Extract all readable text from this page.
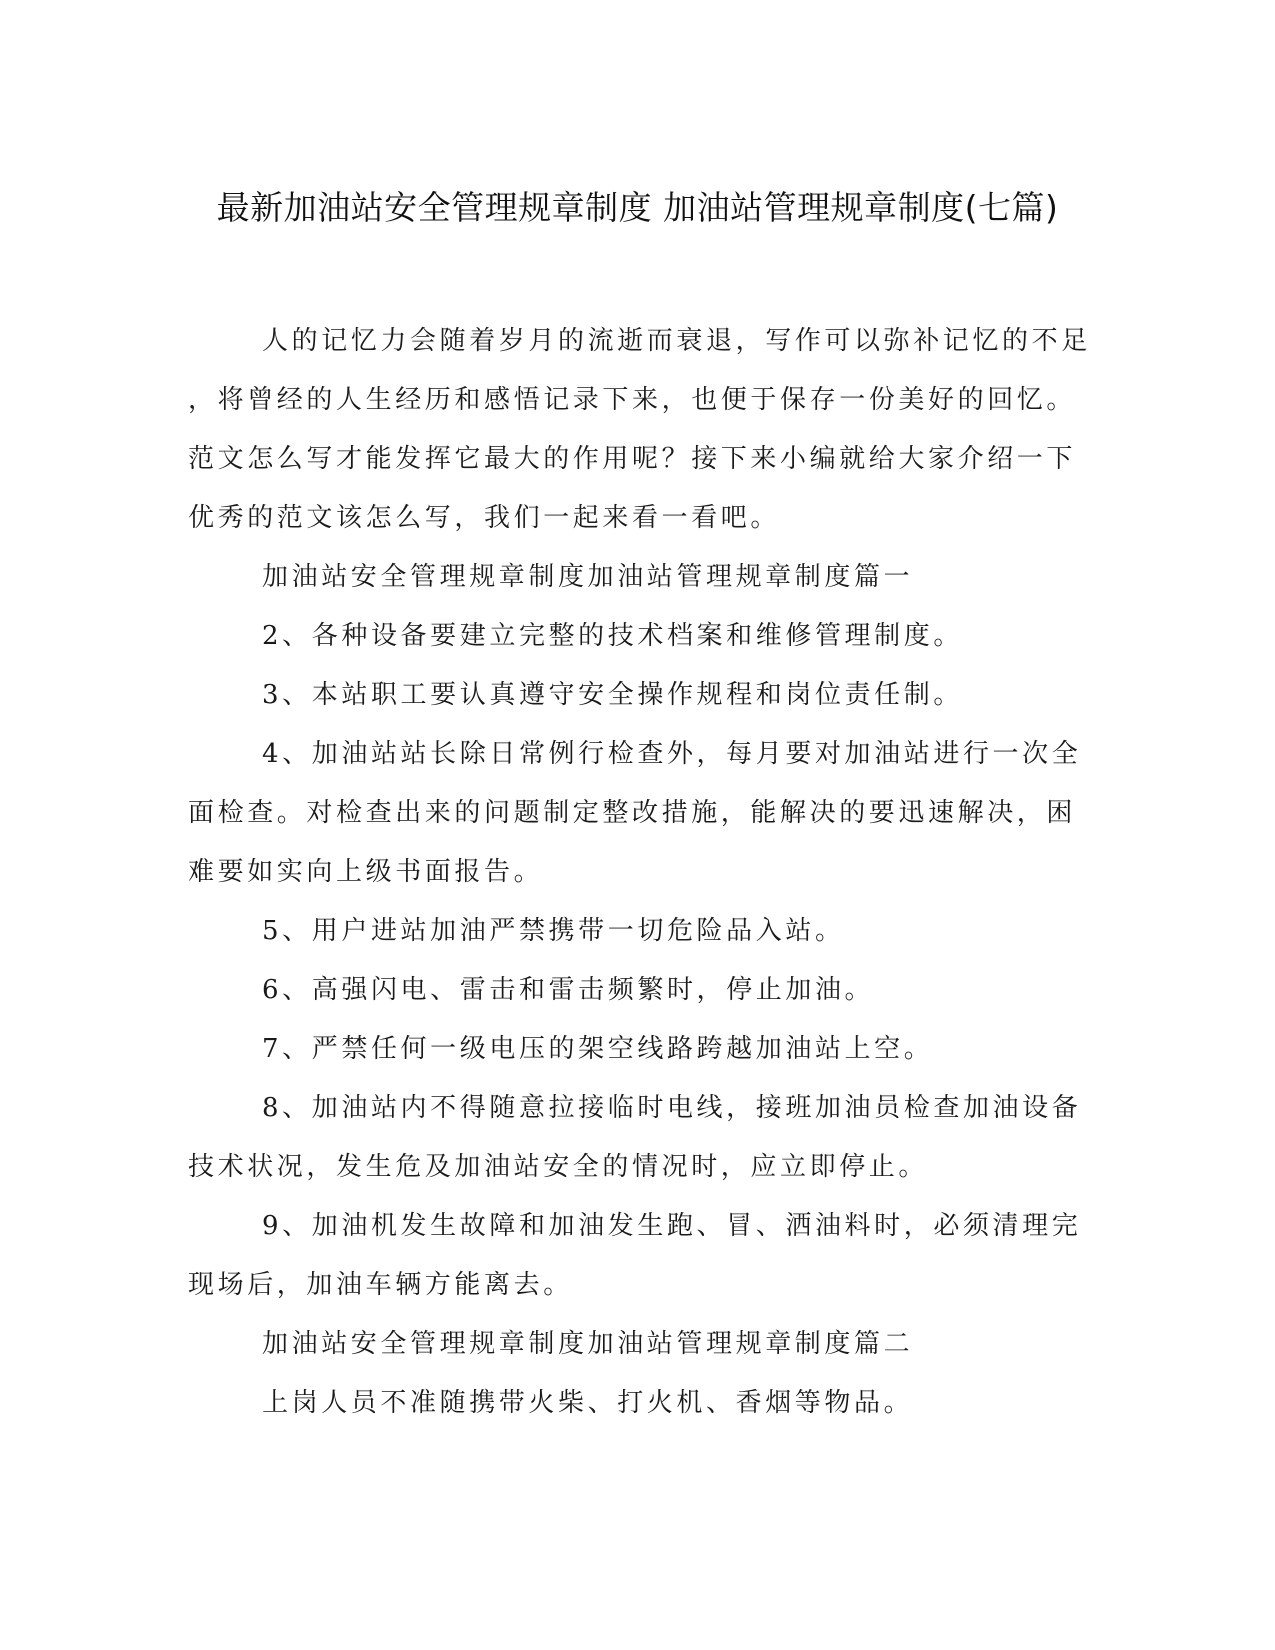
最新加油站安全管理规章制度 加油站管理规章制度(七篇)

人的记忆力会随着岁月的流逝而衰退，写作可以弥补记忆的不足

，将曾经的人生经历和感悟记录下来，也便于保存一份美好的回忆。

范文怎么写才能发挥它最大的作用呢？接下来小编就给大家介绍一下

优秀的范文该怎么写，我们一起来看一看吧。

加油站安全管理规章制度加油站管理规章制度篇一

2、各种设备要建立完整的技术档案和维修管理制度。

3、本站职工要认真遵守安全操作规程和岗位责任制。

4、加油站站长除日常例行检查外，每月要对加油站进行一次全

面检查。对检查出来的问题制定整改措施，能解决的要迅速解决，困

难要如实向上级书面报告。

5、用户进站加油严禁携带一切危险品入站。

6、高强闪电、雷击和雷击频繁时，停止加油。

7、严禁任何一级电压的架空线路跨越加油站上空。

8、加油站内不得随意拉接临时电线，接班加油员检查加油设备

技术状况，发生危及加油站安全的情况时，应立即停止。

9、加油机发生故障和加油发生跑、冒、洒油料时，必须清理完

现场后，加油车辆方能离去。

加油站安全管理规章制度加油站管理规章制度篇二

上岗人员不准随携带火柴、打火机、香烟等物品。
